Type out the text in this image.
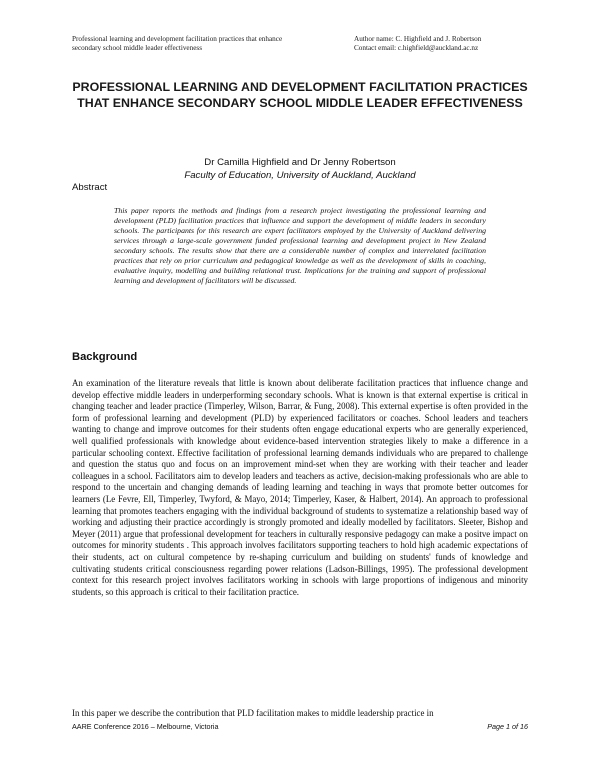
Professional learning and development facilitation practices that enhance secondary school middle leader effectiveness
Author name: C. Highfield and J. Robertson
Contact email: c.highfield@auckland.ac.nz
PROFESSIONAL LEARNING AND DEVELOPMENT FACILITATION PRACTICES THAT ENHANCE SECONDARY SCHOOL MIDDLE LEADER EFFECTIVENESS
Dr Camilla Highfield and Dr Jenny Robertson
Faculty of Education, University of Auckland, Auckland
Abstract

This paper reports the methods and findings from a research project investigating the professional learning and development (PLD) facilitation practices that influence and support the development of middle leaders in secondary schools. The participants for this research are expert facilitators employed by the University of Auckland delivering services through a large-scale government funded professional learning and development project in New Zealand secondary schools. The results show that there are a considerable number of complex and interrelated facilitation practices that rely on prior curriculum and pedagogical knowledge as well as the development of skills in coaching, evaluative inquiry, modelling and building relational trust. Implications for the training and support of professional learning and development of facilitators will be discussed.

Background

An examination of the literature reveals that little is known about deliberate facilitation practices that influence change and develop effective middle leaders in underperforming secondary schools. What is known is that external expertise is critical in changing teacher and leader practice (Timperley, Wilson, Barrar, & Fung, 2008). This external expertise is often provided in the form of professional learning and development (PLD) by experienced facilitators or coaches. School leaders and teachers wanting to change and improve outcomes for their students often engage educational experts who are generally experienced, well qualified professionals with knowledge about evidence-based intervention strategies likely to make a difference in a particular schooling context. Effective facilitation of professional learning demands individuals who are prepared to challenge and question the status quo and focus on an improvement mind-set when they are working with their teacher and leader colleagues in a school. Facilitators aim to develop leaders and teachers as active, decision-making professionals who are able to respond to the uncertain and changing demands of leading learning and teaching in ways that promote better outcomes for learners (Le Fevre, Ell, Timperley, Twyford, & Mayo, 2014; Timperley, Kaser, & Halbert, 2014). An approach to professional learning that promotes teachers engaging with the individual background of students to systematize a relationship based way of working and adjusting their practice accordingly is strongly promoted and ideally modelled by facilitators. Sleeter, Bishop and Meyer (2011) argue that professional development for teachers in culturally responsive pedagogy can make a positve impact on outcomes for minority students . This approach involves facilitators supporting teachers to hold high academic expectations of their students, act on cultural competence by re-shaping curriculum and building on students' funds of knowledge and cultivating students critical consciousness regarding power relations (Ladson-Billings, 1995). The professional development context for this research project involves facilitators working in schools with large proportions of indigenous and minority students, so this approach is critical to their facilitation practice.

In this paper we describe the contribution that PLD facilitation makes to middle leadership practice in

AARE Conference 2016 – Melbourne, Victoria	Page 1 of 16
